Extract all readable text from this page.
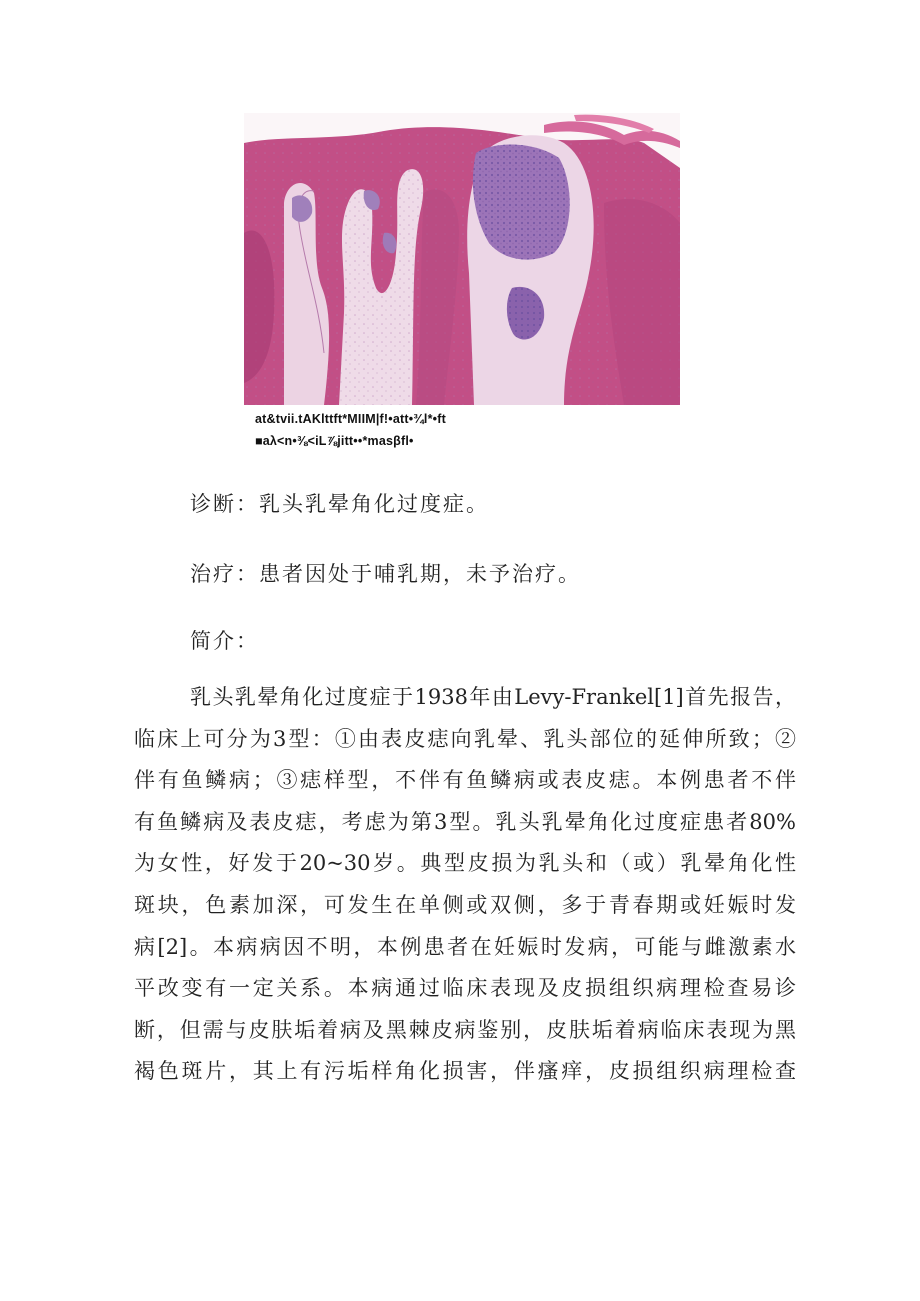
at&tvii.tAKlttft*MIIM|f!•att•¾l*•ft
■aλ<n•⅜<iL⅞jitt••*masβfl•
诊断：乳头乳晕角化过度症。
治疗：患者因处于哺乳期，未予治疗。
简介：
乳头乳晕角化过度症于1938年由Levy-Frankel[1]首先报告，
临床上可分为3型：①由表皮痣向乳晕、乳头部位的延伸所致；②
伴有鱼鳞病；③痣样型，不伴有鱼鳞病或表皮痣。本例患者不伴
有鱼鳞病及表皮痣，考虑为第3型。乳头乳晕角化过度症患者80%
为女性，好发于20~30岁。典型皮损为乳头和（或）乳晕角化性
斑块，色素加深，可发生在单侧或双侧，多于青春期或妊娠时发
病[2]。本病病因不明，本例患者在妊娠时发病，可能与雌激素水
平改变有一定关系。本病通过临床表现及皮损组织病理检查易诊
断，但需与皮肤垢着病及黑棘皮病鉴别，皮肤垢着病临床表现为黑
褐色斑片，其上有污垢样角化损害，伴瘙痒，皮损组织病理检查
